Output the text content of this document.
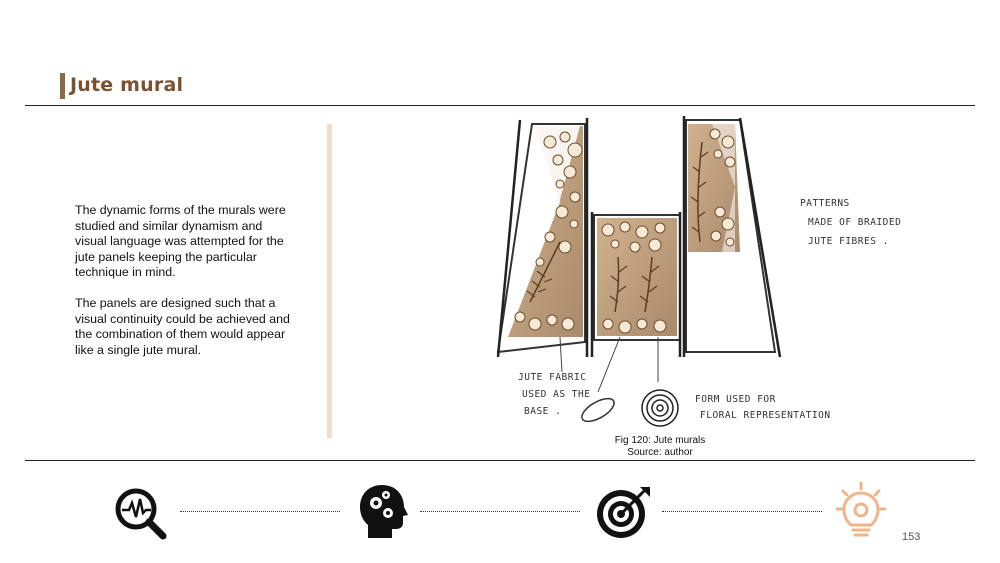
Jute mural

The dynamic forms of the murals were studied and similar dynamism and visual language was attempted for the jute panels keeping the particular technique in mind.

The panels are designed such that a visual continuity could be achieved and the combination of them would appear like a single jute mural.

PATTERNS
MADE OF BRAIDED
JUTE FIBRES .
JUTE FABRIC
USED AS THE
BASE .
FORM USED FOR
FLORAL REPRESENTATION
Fig 120: Jute murals
Source: author
153
